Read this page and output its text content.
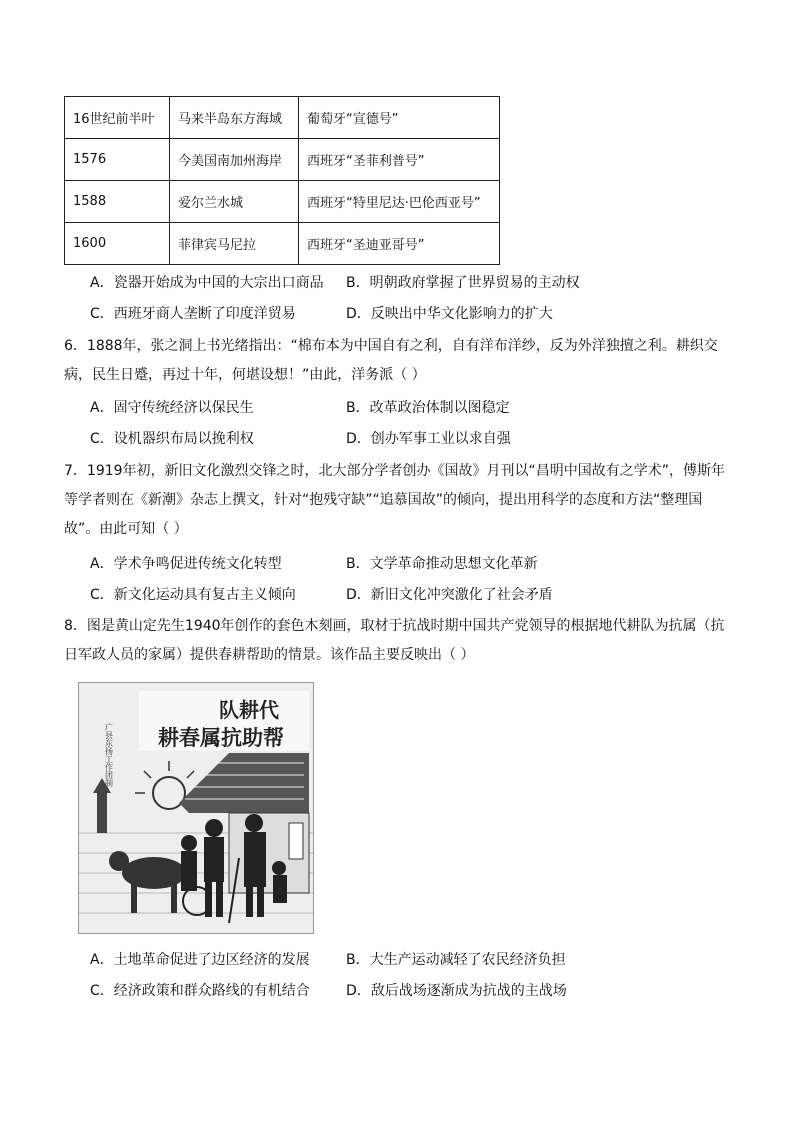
16世纪前半叶	马来半岛东方海域	葡萄牙“宣德号”
1576	今美国南加州海岸	西班牙“圣菲利普号”
1588	爱尔兰水城	西班牙“特里尼达·巴伦西亚号”
1600	菲律宾马尼拉	西班牙“圣迪亚哥号”
A．瓷器开始成为中国的大宗出口商品 B．明朝政府掌握了世界贸易的主动权
C．西班牙商人垄断了印度洋贸易	D．反映出中华文化影响力的扩大
6．1888年，张之洞上书光绪指出：“棉布本为中国自有之利，自有洋布洋纱，反为外洋独擅之利。耕织交
病，民生日蹙，再过十年，何堪设想！”由此，洋务派（ ）
A．固守传统经济以保民生	B．改革政治体制以图稳定
C．设机器织布局以挽利权	D．创办军事工业以求自强
7．1919年初，新旧文化激烈交锋之时，北大部分学者创办《国故》月刊以“昌明中国故有之学术”，傅斯年
等学者则在《新潮》杂志上撰文，针对“抱残守缺”“追慕国故”的倾向，提出用科学的态度和方法“整理国
故”。由此可知（ ）
A．学术争鸣促进传统文化转型	B．文学革命推动思想文化革新
C．新文化运动具有复古主义倾向	D．新旧文化冲突激化了社会矛盾
8．图是黄山定先生1940年创作的套色木刻画，取材于抗战时期中国共产党领导的根据地代耕队为抗属（抗
日军政人员的家属）提供春耕帮助的情景。该作品主要反映出（ ）
队耕代
耕春属抗助帮
广县东扬工作团制
A．土地革命促进了边区经济的发展	B．大生产运动减轻了农民经济负担
C．经济政策和群众路线的有机结合	D．敌后战场逐渐成为抗战的主战场
